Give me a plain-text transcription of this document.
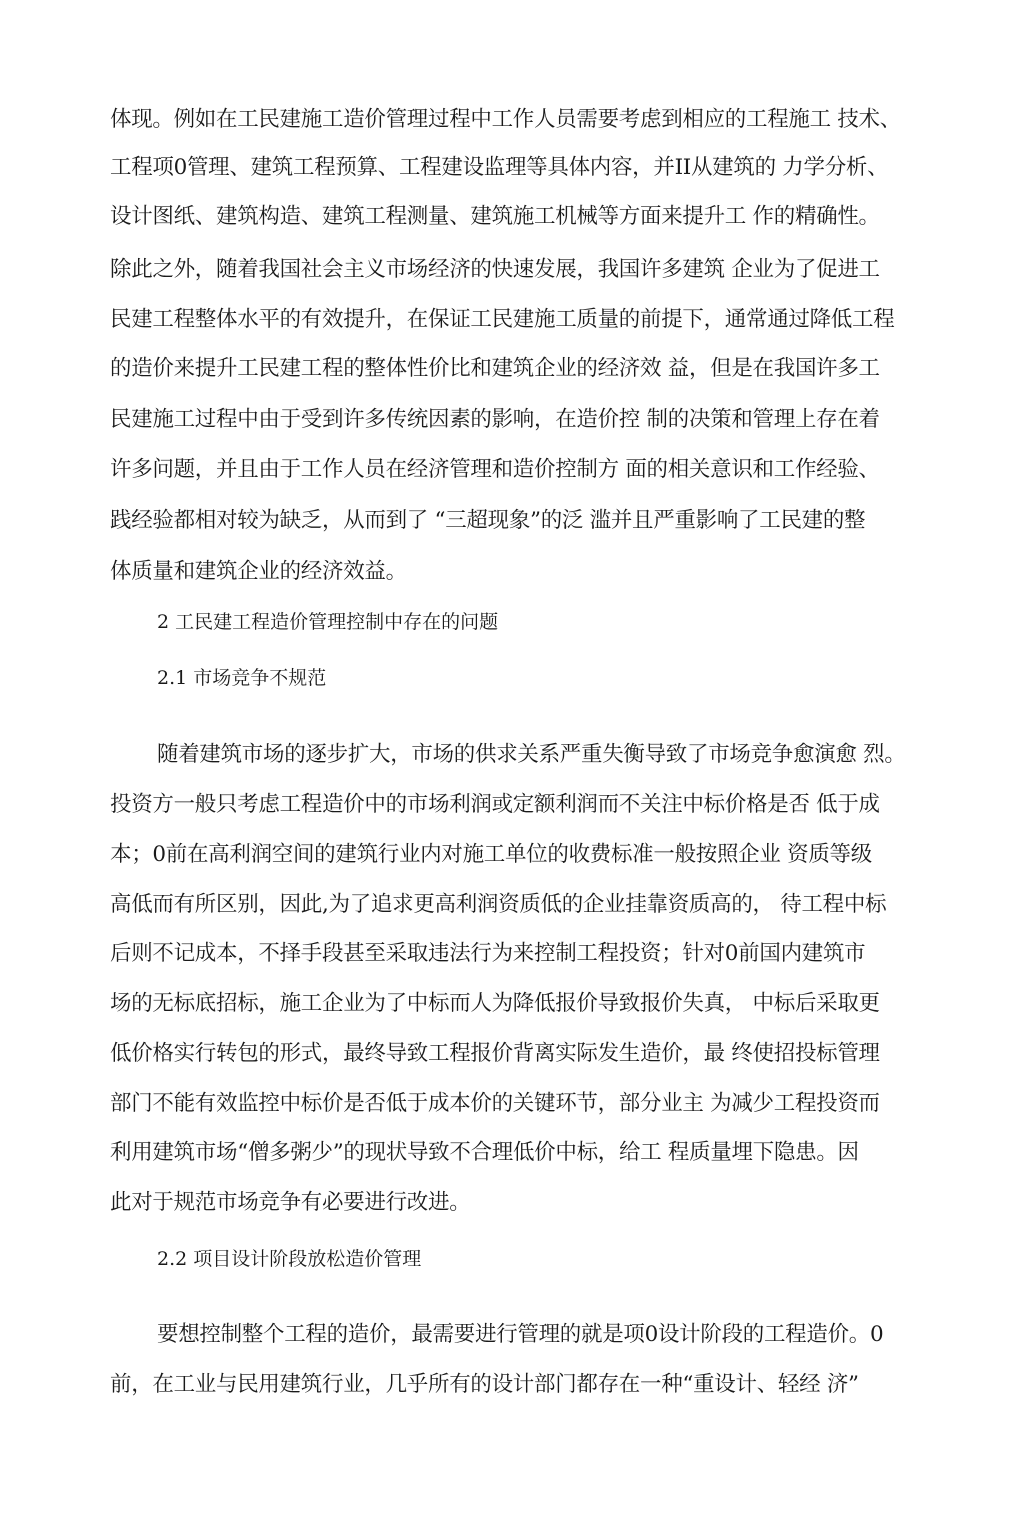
体现。例如在工民建施工造价管理过程中工作人员需要考虑到相应的工程施工 技术、
工程项0管理、建筑工程预算、工程建设监理等具体内容，并II从建筑的 力学分析、
设计图纸、建筑构造、建筑工程测量、建筑施工机械等方面来提升工 作的精确性。
除此之外，随着我国社会主义市场经济的快速发展，我国许多建筑 企业为了促进工
民建工程整体水平的有效提升，在保证工民建施工质量的前提下，通常通过降低工程
的造价来提升工民建工程的整体性价比和建筑企业的经济效 益，但是在我国许多工
民建施工过程中由于受到许多传统因素的影响，在造价控 制的决策和管理上存在着
许多问题，并且由于工作人员在经济管理和造价控制方 面的相关意识和工作经验、
践经验都相对较为缺乏，从而到了 “三超现象”的泛 滥并且严重影响了工民建的整
体质量和建筑企业的经济效益。
2 工民建工程造价管理控制中存在的问题
2.1 市场竞争不规范
随着建筑市场的逐步扩大，市场的供求关系严重失衡导致了市场竞争愈演愈 烈。
投资方一般只考虑工程造价中的市场利润或定额利润而不关注中标价格是否 低于成
本；0前在高利润空间的建筑行业内对施工单位的收费标准一般按照企业 资质等级
高低而有所区别，因此,为了追求更高利润资质低的企业挂靠资质高的， 待工程中标
后则不记成本，不择手段甚至采取违法行为来控制工程投资；针对0前国内建筑市
场的无标底招标，施工企业为了中标而人为降低报价导致报价失真， 中标后采取更
低价格实行转包的形式，最终导致工程报价背离实际发生造价，最 终使招投标管理
部门不能有效监控中标价是否低于成本价的关键环节，部分业主 为减少工程投资而
利用建筑市场“僧多粥少”的现状导致不合理低价中标，给工 程质量埋下隐患。因
此对于规范市场竞争有必要进行改进。
2.2 项目设计阶段放松造价管理
要想控制整个工程的造价，最需要进行管理的就是项0设计阶段的工程造价。0
前，在工业与民用建筑行业，几乎所有的设计部门都存在一种“重设计、轻经 济”
